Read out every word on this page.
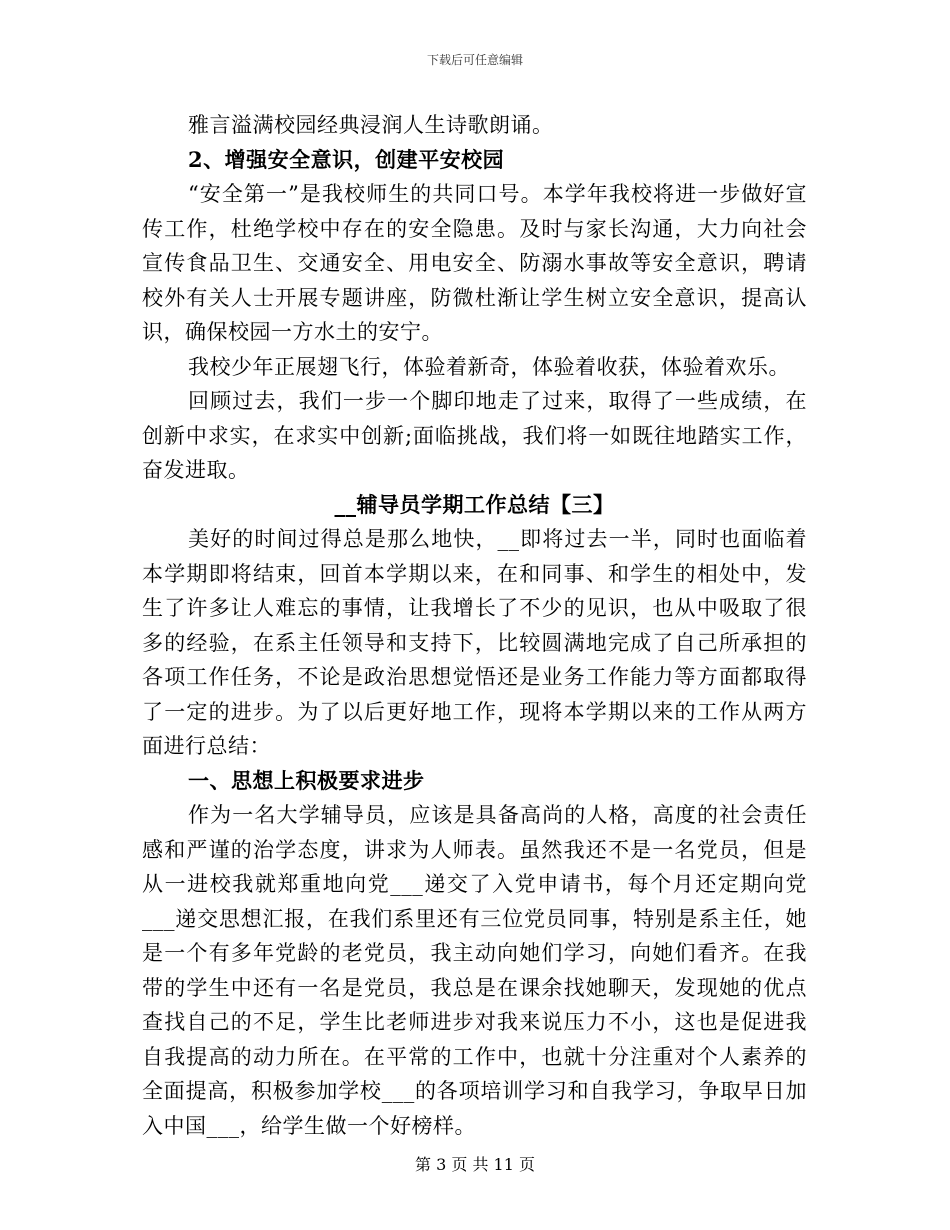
下载后可任意编辑

雅言溢满校园经典浸润人生诗歌朗诵。

2、增强安全意识，创建平安校园

“安全第一”是我校师生的共同口号。本学年我校将进一步做好宣传工作，杜绝学校中存在的安全隐患。及时与家长沟通，大力向社会宣传食品卫生、交通安全、用电安全、防溺水事故等安全意识，聘请校外有关人士开展专题讲座，防微杜渐让学生树立安全意识，提高认识，确保校园一方水土的安宁。

我校少年正展翅飞行，体验着新奇，体验着收获，体验着欢乐。

回顾过去，我们一步一个脚印地走了过来，取得了一些成绩，在创新中求实，在求实中创新;面临挑战，我们将一如既往地踏实工作，奋发进取。

__辅导员学期工作总结【三】

美好的时间过得总是那么地快，__即将过去一半，同时也面临着本学期即将结束，回首本学期以来，在和同事、和学生的相处中，发生了许多让人难忘的事情，让我增长了不少的见识，也从中吸取了很多的经验，在系主任领导和支持下，比较圆满地完成了自己所承担的各项工作任务，不论是政治思想觉悟还是业务工作能力等方面都取得了一定的进步。为了以后更好地工作，现将本学期以来的工作从两方面进行总结：

一、思想上积极要求进步

作为一名大学辅导员，应该是具备高尚的人格，高度的社会责任感和严谨的治学态度，讲求为人师表。虽然我还不是一名党员，但是从一进校我就郑重地向党___递交了入党申请书，每个月还定期向党___递交思想汇报，在我们系里还有三位党员同事，特别是系主任，她是一个有多年党龄的老党员，我主动向她们学习，向她们看齐。在我带的学生中还有一名是党员，我总是在课余找她聊天，发现她的优点查找自己的不足，学生比老师进步对我来说压力不小，这也是促进我自我提高的动力所在。在平常的工作中，也就十分注重对个人素养的全面提高，积极参加学校___的各项培训学习和自我学习，争取早日加入中国___，给学生做一个好榜样。

第 3 页 共 11 页
